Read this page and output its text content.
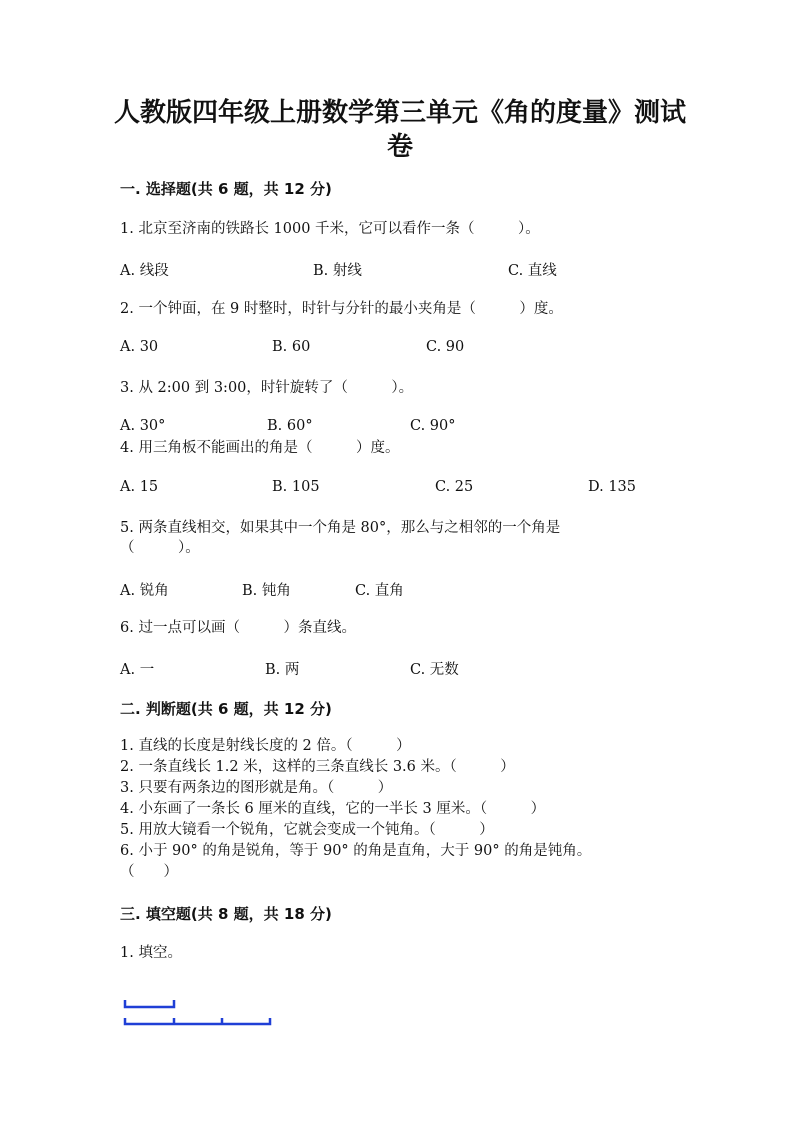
人教版四年级上册数学第三单元《角的度量》测试
卷
一. 选择题(共 6 题，共 12 分)
1. 北京至济南的铁路长 1000 千米，它可以看作一条（　　　）。
A. 线段	B. 射线	C. 直线
2. 一个钟面，在 9 时整时，时针与分针的最小夹角是（　　　）度。
A. 30	B. 60	C. 90
3. 从 2:00 到 3:00，时针旋转了（　　　）。
A. 30°	B. 60°	C. 90°
4. 用三角板不能画出的角是（　　　）度。
A. 15	B. 105	C. 25	D. 135
5. 两条直线相交，如果其中一个角是 80°，那么与之相邻的一个角是
（　　　）。
A. 锐角	B. 钝角	C. 直角
6. 过一点可以画（　　　）条直线。
A. 一	B. 两	C. 无数
二. 判断题(共 6 题，共 12 分)
1. 直线的长度是射线长度的 2 倍。（　　　）
2. 一条直线长 1.2 米，这样的三条直线长 3.6 米。（　　　）
3. 只要有两条边的图形就是角。（　　　）
4. 小东画了一条长 6 厘米的直线，它的一半长 3 厘米。（　　　）
5. 用放大镜看一个锐角，它就会变成一个钝角。（　　　）
6. 小于 90° 的角是锐角，等于 90° 的角是直角，大于 90° 的角是钝角。
（　　）
三. 填空题(共 8 题，共 18 分)
1. 填空。
